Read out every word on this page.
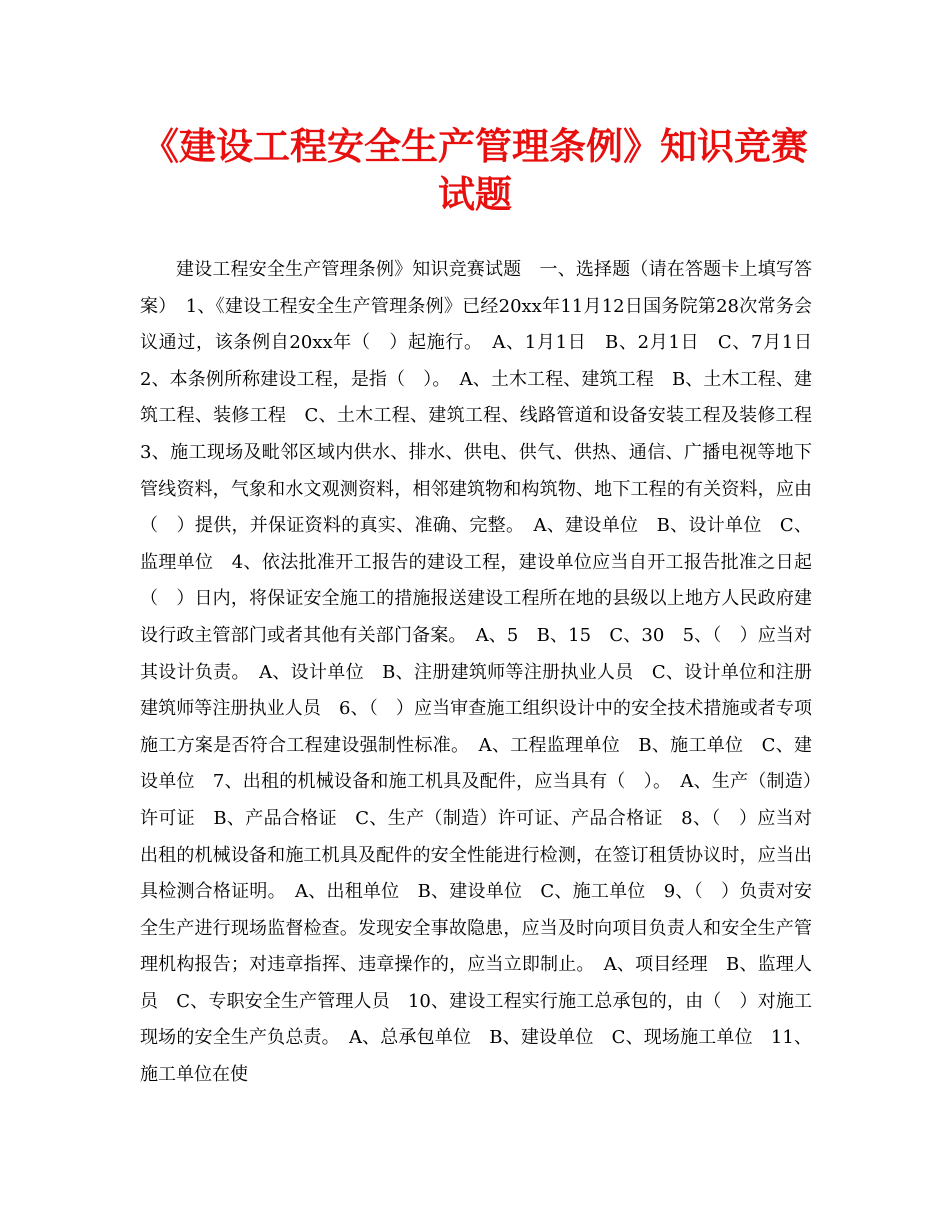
《建设工程安全生产管理条例》知识竞赛试题

建设工程安全生产管理条例》知识竞赛试题　一、选择题（请在答题卡上填写答案）　1、《建设工程安全生产管理条例》已经20xx年11月12日国务院第28次常务会议通过，该条例自20xx年（　）起施行。　A、1月1日　B、2月1日　C、7月1日　2、本条例所称建设工程，是指（　）。　A、土木工程、建筑工程　B、土木工程、建筑工程、装修工程　C、土木工程、建筑工程、线路管道和设备安装工程及装修工程　3、施工现场及毗邻区域内供水、排水、供电、供气、供热、通信、广播电视等地下管线资料，气象和水文观测资料，相邻建筑物和构筑物、地下工程的有关资料，应由（　）提供，并保证资料的真实、准确、完整。　A、建设单位　B、设计单位　C、监理单位　4、依法批准开工报告的建设工程，建设单位应当自开工报告批准之日起（　）日内，将保证安全施工的措施报送建设工程所在地的县级以上地方人民政府建设行政主管部门或者其他有关部门备案。　A、5　B、15　C、30　5、（　）应当对其设计负责。　A、设计单位　B、注册建筑师等注册执业人员　C、设计单位和注册建筑师等注册执业人员　6、（　）应当审查施工组织设计中的安全技术措施或者专项施工方案是否符合工程建设强制性标准。　A、工程监理单位　B、施工单位　C、建设单位　7、出租的机械设备和施工机具及配件，应当具有（　）。　A、生产（制造）许可证　B、产品合格证　C、生产（制造）许可证、产品合格证　8、（　）应当对出租的机械设备和施工机具及配件的安全性能进行检测，在签订租赁协议时，应当出具检测合格证明。　A、出租单位　B、建设单位　C、施工单位　9、（　）负责对安全生产进行现场监督检查。发现安全事故隐患，应当及时向项目负责人和安全生产管理机构报告；对违章指挥、违章操作的，应当立即制止。　A、项目经理　B、监理人员　C、专职安全生产管理人员　10、建设工程实行施工总承包的，由（　）对施工现场的安全生产负总责。　A、总承包单位　B、建设单位　C、现场施工单位　11、施工单位在使
